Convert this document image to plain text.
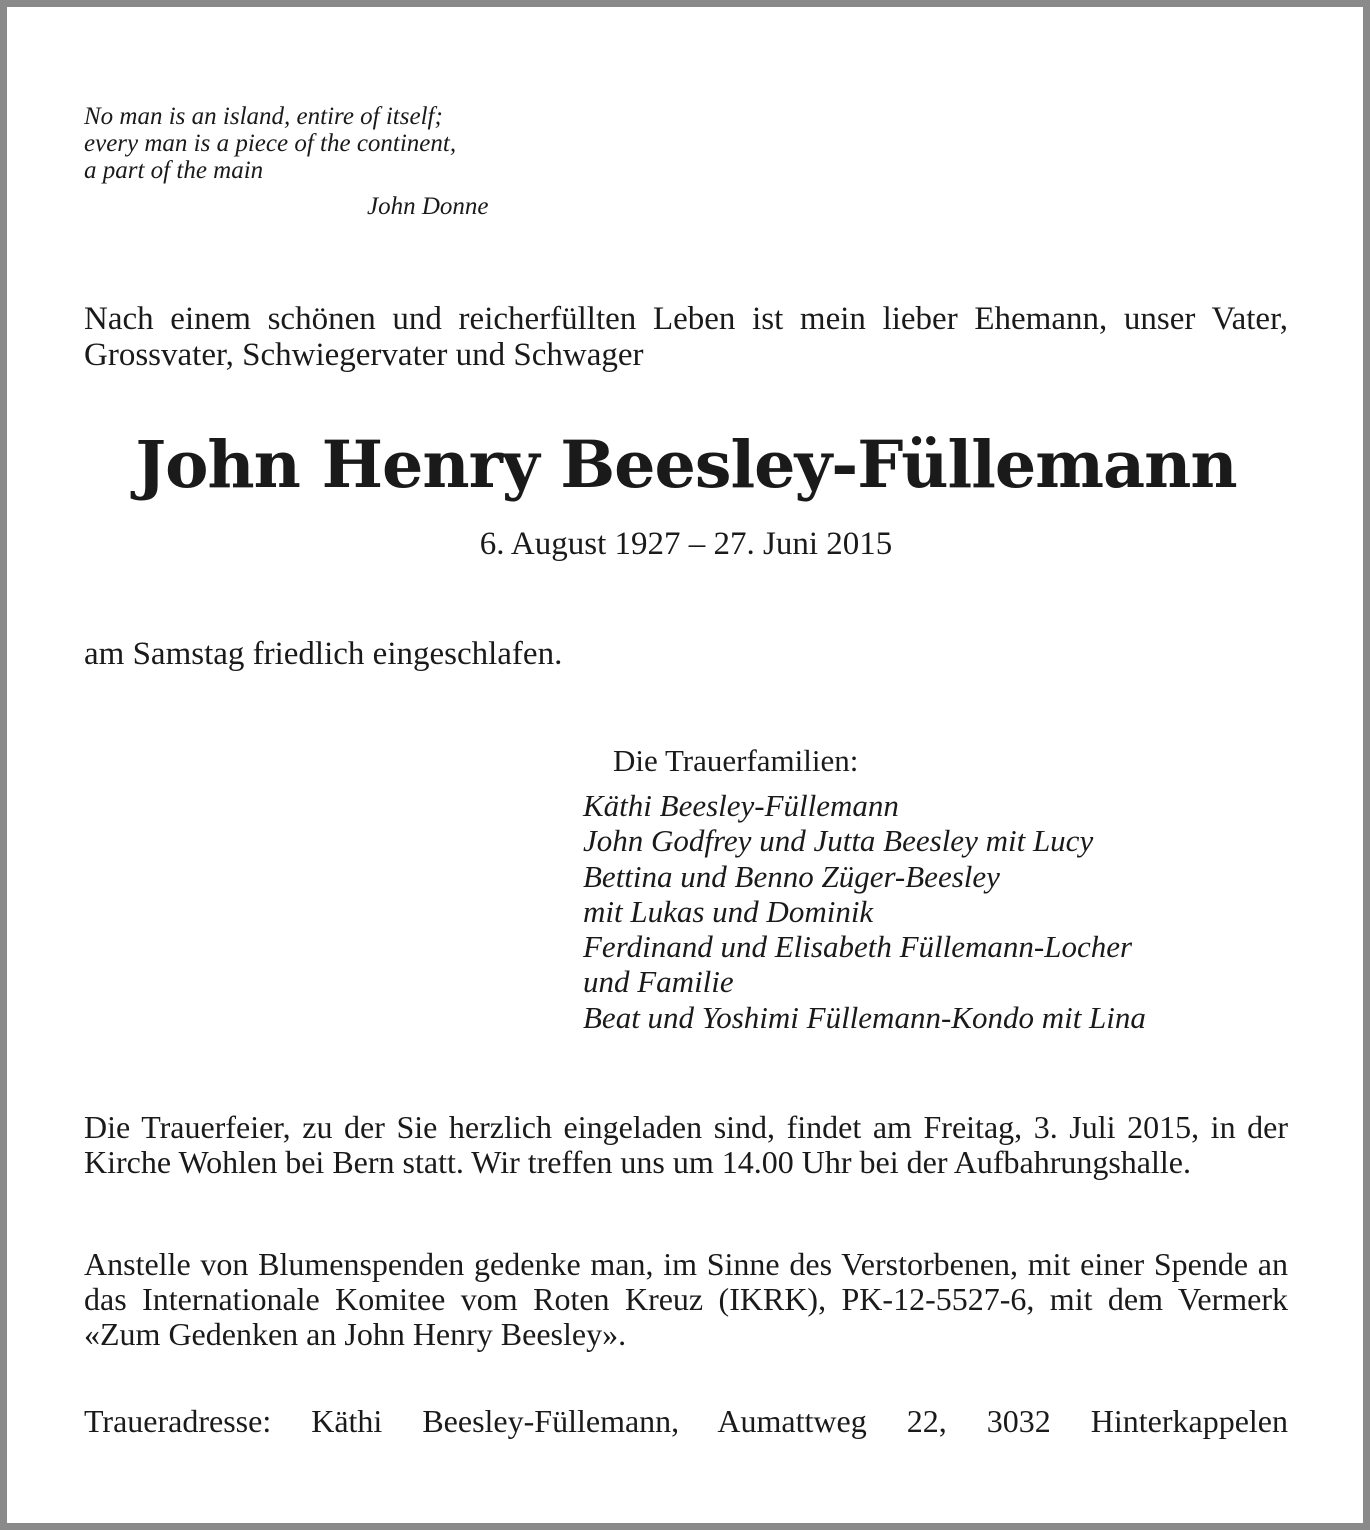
No man is an island, entire of itself;
every man is a piece of the continent,
a part of the main
John Donne

Nach einem schönen und reicherfüllten Leben ist mein lieber Ehemann, unser Vater, Grossvater, Schwiegervater und Schwager

John Henry Beesley-Füllemann

6. August 1927 – 27. Juni 2015

am Samstag friedlich eingeschlafen.

Die Trauerfamilien:

Käthi Beesley-Füllemann
John Godfrey und Jutta Beesley mit Lucy
Bettina und Benno Züger-Beesley
mit Lukas und Dominik
Ferdinand und Elisabeth Füllemann-Locher
und Familie
Beat und Yoshimi Füllemann-Kondo mit Lina

Die Trauerfeier, zu der Sie herzlich eingeladen sind, findet am Freitag, 3. Juli 2015, in der Kirche Wohlen bei Bern statt. Wir treffen uns um 14.00 Uhr bei der Aufbahrungshalle.

Anstelle von Blumenspenden gedenke man, im Sinne des Verstorbenen, mit einer Spende an das Internationale Komitee vom Roten Kreuz (IKRK), PK-12-5527-6, mit dem Vermerk «Zum Gedenken an John Henry Beesley».

Traueradresse: Käthi Beesley-Füllemann, Aumattweg 22, 3032 Hinterkappelen
